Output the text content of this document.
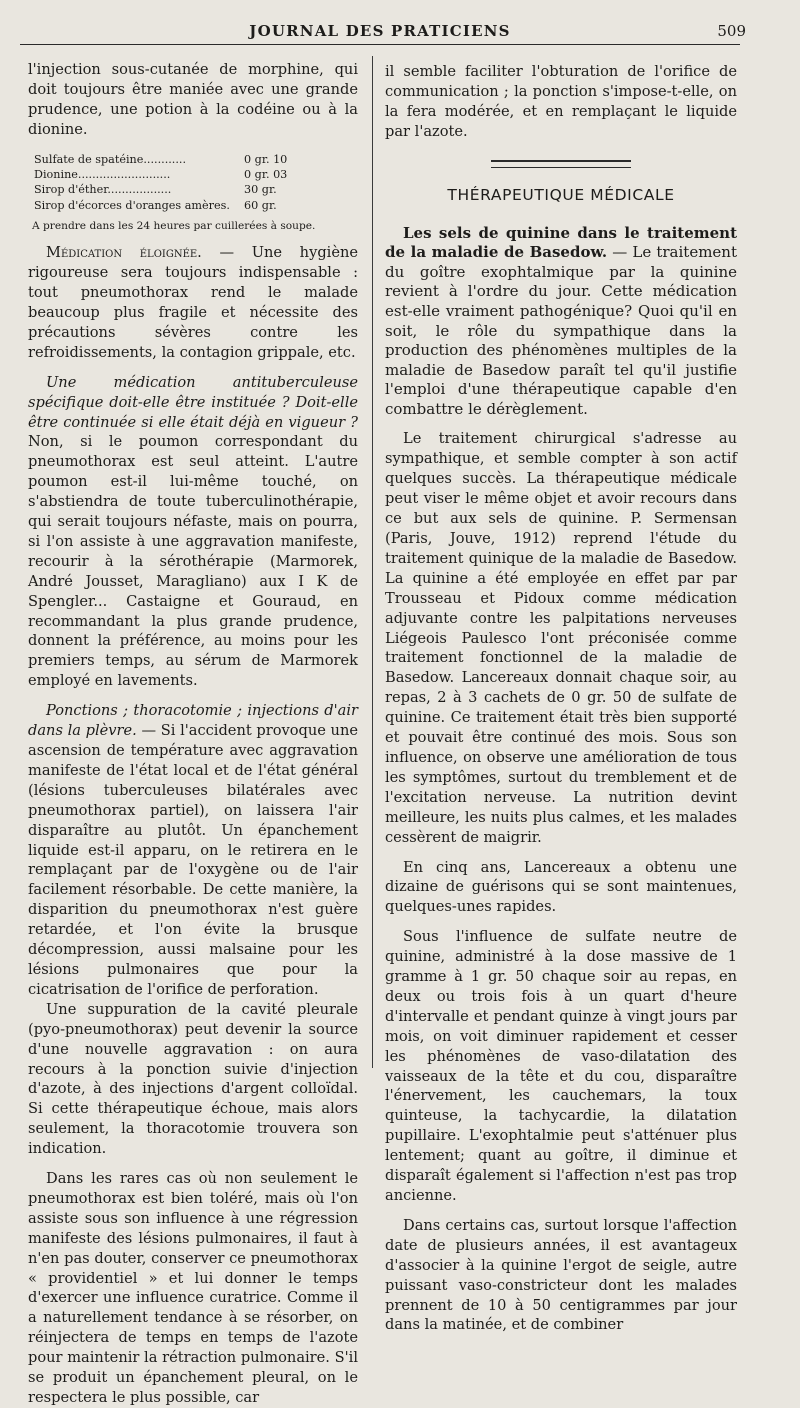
JOURNAL DES PRATICIENS	509

l'injection sous-cutanée de morphine, qui doit toujours être maniée avec une grande prudence, une potion à la codéine ou à la dionine.

Sulfate de spatéine............	0 gr. 10
Dionine..........................	0 gr. 03
Sirop d'éther..................	30 gr.
Sirop d'écorces d'oranges amères.	60 gr.
A prendre dans les 24 heures par cuillerées à soupe.

Médication éloignée. — Une hygiène rigoureuse sera toujours indispensable : tout pneumothorax rend le malade beaucoup plus fragile et nécessite des précautions sévères contre les refroidissements, la contagion grippale, etc.

Une médication antituberculeuse spécifique doit-elle être instituée ? Doit-elle être continuée si elle était déjà en vigueur ?Non, si le poumon correspondant du pneumothorax est seul atteint. L'autre poumon est-il lui-même touché, on s'abstiendra de toute tuberculinothérapie, qui serait toujours néfaste, mais on pourra, si l'on assiste à une aggravation manifeste, recourir à la sérothérapie (Marmorek, André Jousset, Maragliano) aux I K de Spengler... Castaigne et Gouraud, en recommandant la plus grande prudence, donnent la préférence, au moins pour les premiers temps, au sérum de Marmorek employé en lavements.

Ponctions ; thoracotomie ; injections d'air dans la plèvre. — Si l'accident provoque une ascension de température avec aggravation manifeste de l'état local et de l'état général (lésions tuberculeuses bilatérales avec pneumothorax partiel), on laissera l'air disparaître au plutôt. Un épanchement liquide est-il apparu, on le retirera en le remplaçant par de l'oxygène ou de l'air facilement résorbable. De cette manière, la disparition du pneumothorax n'est guère retardée, et l'on évite la brusque décompression, aussi malsaine pour les lésions pulmonaires que pour la cicatrisation de l'orifice de perforation.

Une suppuration de la cavité pleurale (pyo-pneumothorax) peut devenir la source d'une nouvelle aggravation : on aura recours à la ponction suivie d'injection d'azote, à des injections d'argent colloïdal. Si cette thérapeutique échoue, mais alors seulement, la thoracotomie trouvera son indication.

Dans les rares cas où non seulement le pneumothorax est bien toléré, mais où l'on assiste sous son influence à une régression manifeste des lésions pulmonaires, il faut à n'en pas douter, conserver ce pneumothorax « providentiel » et lui donner le temps d'exercer une influence curatrice. Comme il a naturellement tendance à se résorber, on réinjectera de temps en temps de l'azote pour maintenir la rétraction pulmonaire. S'il se produit un épanchement pleural, on le respectera le plus possible, car

il semble faciliter l'obturation de l'orifice de communication ; la ponction s'impose-t-elle, on la fera modérée, et en remplaçant le liquide par l'azote.

THÉRAPEUTIQUE MÉDICALE

Les sels de quinine dans le traitement de la maladie de Basedow. — Le traitement du goître exophtalmique par la quinine revient à l'ordre du jour. Cette médication est-elle vraiment pathogénique? Quoi qu'il en soit, le rôle du sympathique dans la production des phénomènes multiples de la maladie de Basedow paraît tel qu'il justifie l'emploi d'une thérapeutique capable d'en combattre le dérèglement.

Le traitement chirurgical s'adresse au sympathique, et semble compter à son actif quelques succès. La thérapeutique médicale peut viser le même objet et avoir recours dans ce but aux sels de quinine. P. Sermensan (Paris, Jouve, 1912) reprend l'étude du traitement quinique de la maladie de Basedow. La quinine a été employée en effet par par Trousseau et Pidoux comme médication adjuvante contre les palpitations nerveuses Liégeois Paulesco l'ont préconisée comme traitement fonctionnel de la maladie de Basedow. Lancereaux donnait chaque soir, au repas, 2 à 3 cachets de 0 gr. 50 de sulfate de quinine. Ce traitement était très bien supporté et pouvait être continué des mois. Sous son influence, on observe une amélioration de tous les symptômes, surtout du tremblement et de l'excitation nerveuse. La nutrition devint meilleure, les nuits plus calmes, et les malades cessèrent de maigrir.

En cinq ans, Lancereaux a obtenu une dizaine de guérisons qui se sont maintenues, quelques-unes rapides.

Sous l'influence de sulfate neutre de quinine, administré à la dose massive de 1 gramme à 1 gr. 50 chaque soir au repas, en deux ou trois fois à un quart d'heure d'intervalle et pendant quinze à vingt jours par mois, on voit diminuer rapidement et cesser les phénomènes de vaso-dilatation des vaisseaux de la tête et du cou, disparaître l'énervement, les cauchemars, la toux quinteuse, la tachycardie, la dilatation pupillaire. L'exophtalmie peut s'atténuer plus lentement; quant au goître, il diminue et disparaît également si l'affection n'est pas trop ancienne.

Dans certains cas, surtout lorsque l'affection date de plusieurs années, il est avantageux d'associer à la quinine l'ergot de seigle, autre puissant vaso-constricteur dont les malades prennent de 10 à 50 centigrammes par jour dans la matinée, et de combiner
